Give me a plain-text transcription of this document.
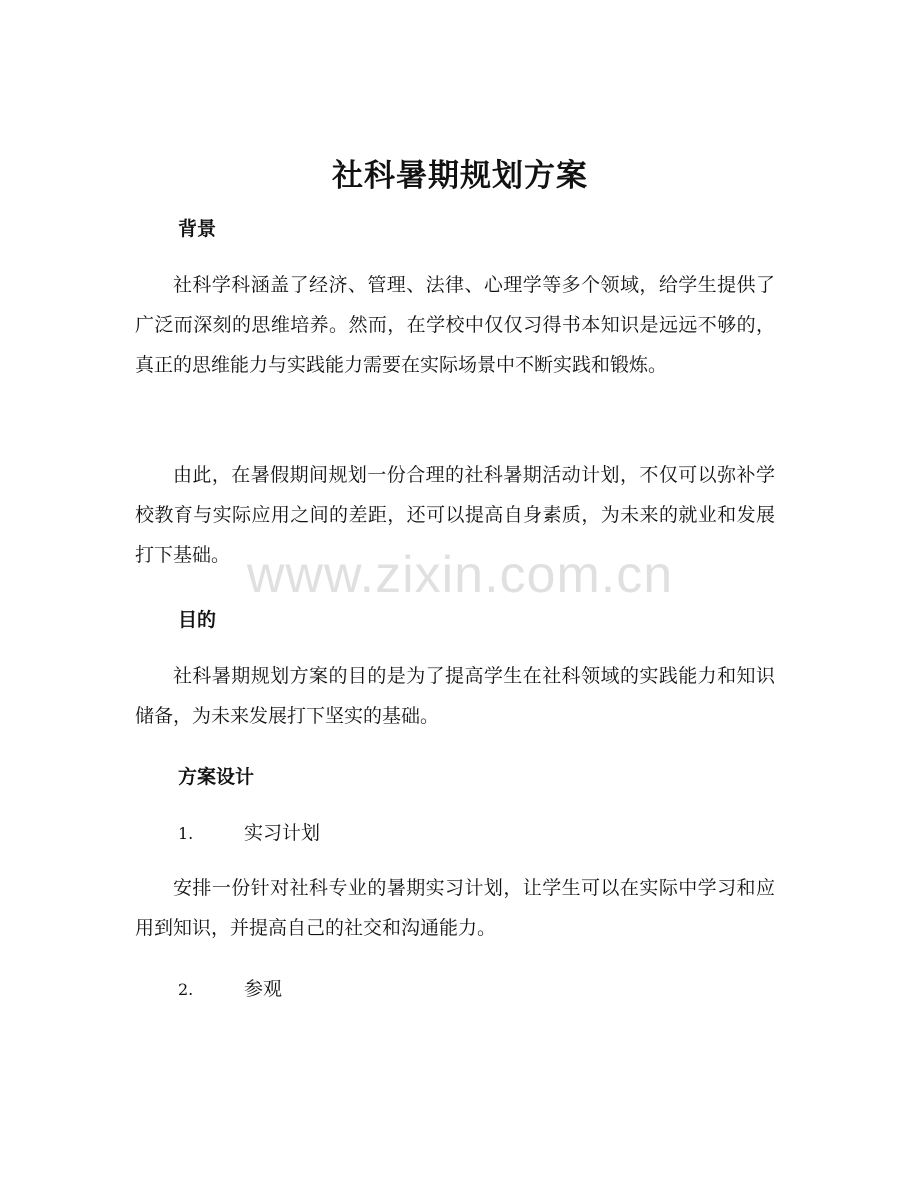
社科暑期规划方案
背景

社科学科涵盖了经济、管理、法律、心理学等多个领域，给学生提供了广泛而深刻的思维培养。然而，在学校中仅仅习得书本知识是远远不够的，真正的思维能力与实践能力需要在实际场景中不断实践和锻炼。

由此，在暑假期间规划一份合理的社科暑期活动计划，不仅可以弥补学校教育与实际应用之间的差距，还可以提高自身素质，为未来的就业和发展打下基础。

目的

社科暑期规划方案的目的是为了提高学生在社科领域的实践能力和知识储备，为未来发展打下坚实的基础。

方案设计
1.	实习计划

安排一份针对社科专业的暑期实习计划，让学生可以在实际中学习和应用到知识，并提高自己的社交和沟通能力。

2.	参观
www.zixin.com.cn
